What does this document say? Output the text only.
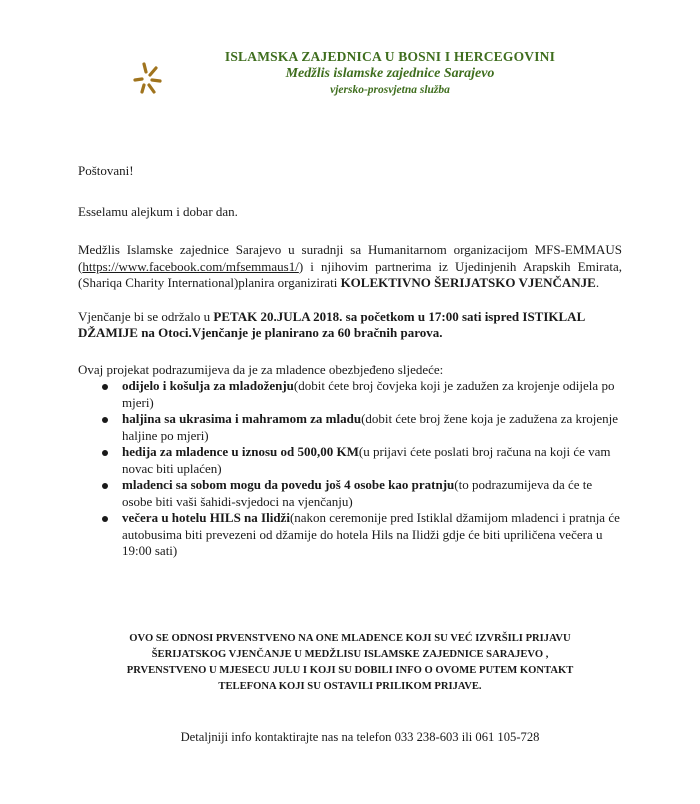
ISLAMSKA ZAJEDNICA U BOSNI I HERCEGOVINI
Medžlis islamske zajednice Sarajevo
vjersko-prosvjetna služba

Poštovani!

Esselamu alejkum i dobar dan.

Medžlis Islamske zajednice Sarajevo u suradnji sa Humanitarnom organizacijom MFS-EMMAUS (https://www.facebook.com/mfsemmaus1/) i njihovim partnerima iz Ujedinjenih Arapskih Emirata,(Shariqa Charity International)planira organizirati KOLEKTIVNO ŠERIJATSKO VJENČANJE.

Vjenčanje bi se održalo u PETAK 20.JULA 2018. sa početkom u 17:00 sati ispred ISTIKLAL DŽAMIJE na Otoci.Vjenčanje je planirano za 60 bračnih parova.

Ovaj projekat podrazumijeva da je za mladence obezbjeđeno sljedeće:

odijelo i košulja za mladoženju(dobit ćete broj čovjeka koji je zadužen za krojenje odijela po mjeri)
haljina sa ukrasima i mahramom za mladu(dobit ćete broj žene koja je zadužena za krojenje haljine po mjeri)
hedija za mladence u iznosu od 500,00 KM(u prijavi ćete poslati broj računa na koji će vam novac biti uplaćen)
mladenci sa sobom mogu da povedu još 4 osobe kao pratnju(to podrazumijeva da će te osobe biti vaši šahidi-svjedoci na vjenčanju)
večera u hotelu HILS na Ilidži(nakon ceremonije pred Istiklal džamijom mladenci i pratnja će autobusima biti prevezeni od džamije do hotela Hils na Ilidži gdje će biti upriličena večera u 19:00 sati)
OVO SE ODNOSI PRVENSTVENO NA ONE MLADENCE KOJI SU VEĆ IZVRŠILI PRIJAVU ŠERIJATSKOG VJENČANJE U MEDŽLISU ISLAMSKE ZAJEDNICE SARAJEVO , PRVENSTVENO U MJESECU JULU I KOJI SU DOBILI INFO O OVOME PUTEM KONTAKT TELEFONA KOJI SU OSTAVILI PRILIKOM PRIJAVE.
Detaljniji info kontaktirajte nas na telefon 033 238-603 ili 061 105-728
